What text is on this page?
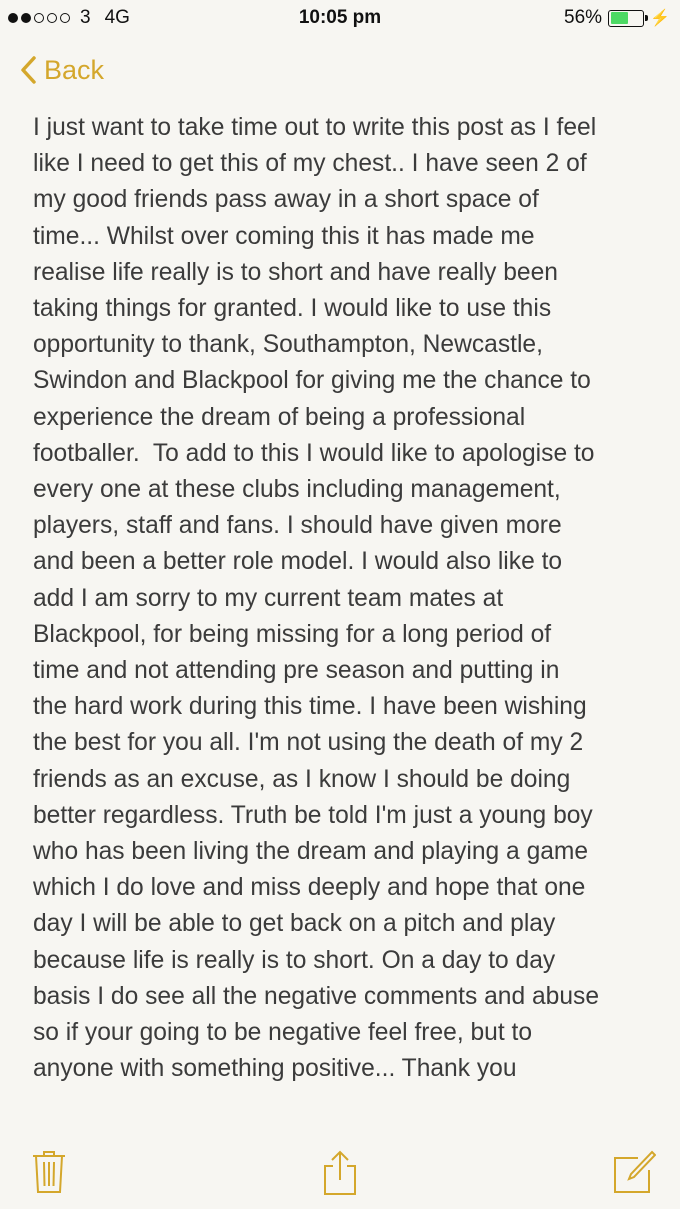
3 4G	10:05 pm	56%	⚡
Back
I just want to take time out to write this post as I feel
like I need to get this of my chest.. I have seen 2 of
my good friends pass away in a short space of
time... Whilst over coming this it has made me
realise life really is to short and have really been
taking things for granted. I would like to use this
opportunity to thank, Southampton, Newcastle,
Swindon and Blackpool for giving me the chance to
experience the dream of being a professional
footballer.  To add to this I would like to apologise to
every one at these clubs including management,
players, staff and fans. I should have given more
and been a better role model. I would also like to
add I am sorry to my current team mates at
Blackpool, for being missing for a long period of
time and not attending pre season and putting in
the hard work during this time. I have been wishing
the best for you all. I'm not using the death of my 2
friends as an excuse, as I know I should be doing
better regardless. Truth be told I'm just a young boy
who has been living the dream and playing a game
which I do love and miss deeply and hope that one
day I will be able to get back on a pitch and play
because life is really is to short. On a day to day
basis I do see all the negative comments and abuse
so if your going to be negative feel free, but to
anyone with something positive... Thank you
